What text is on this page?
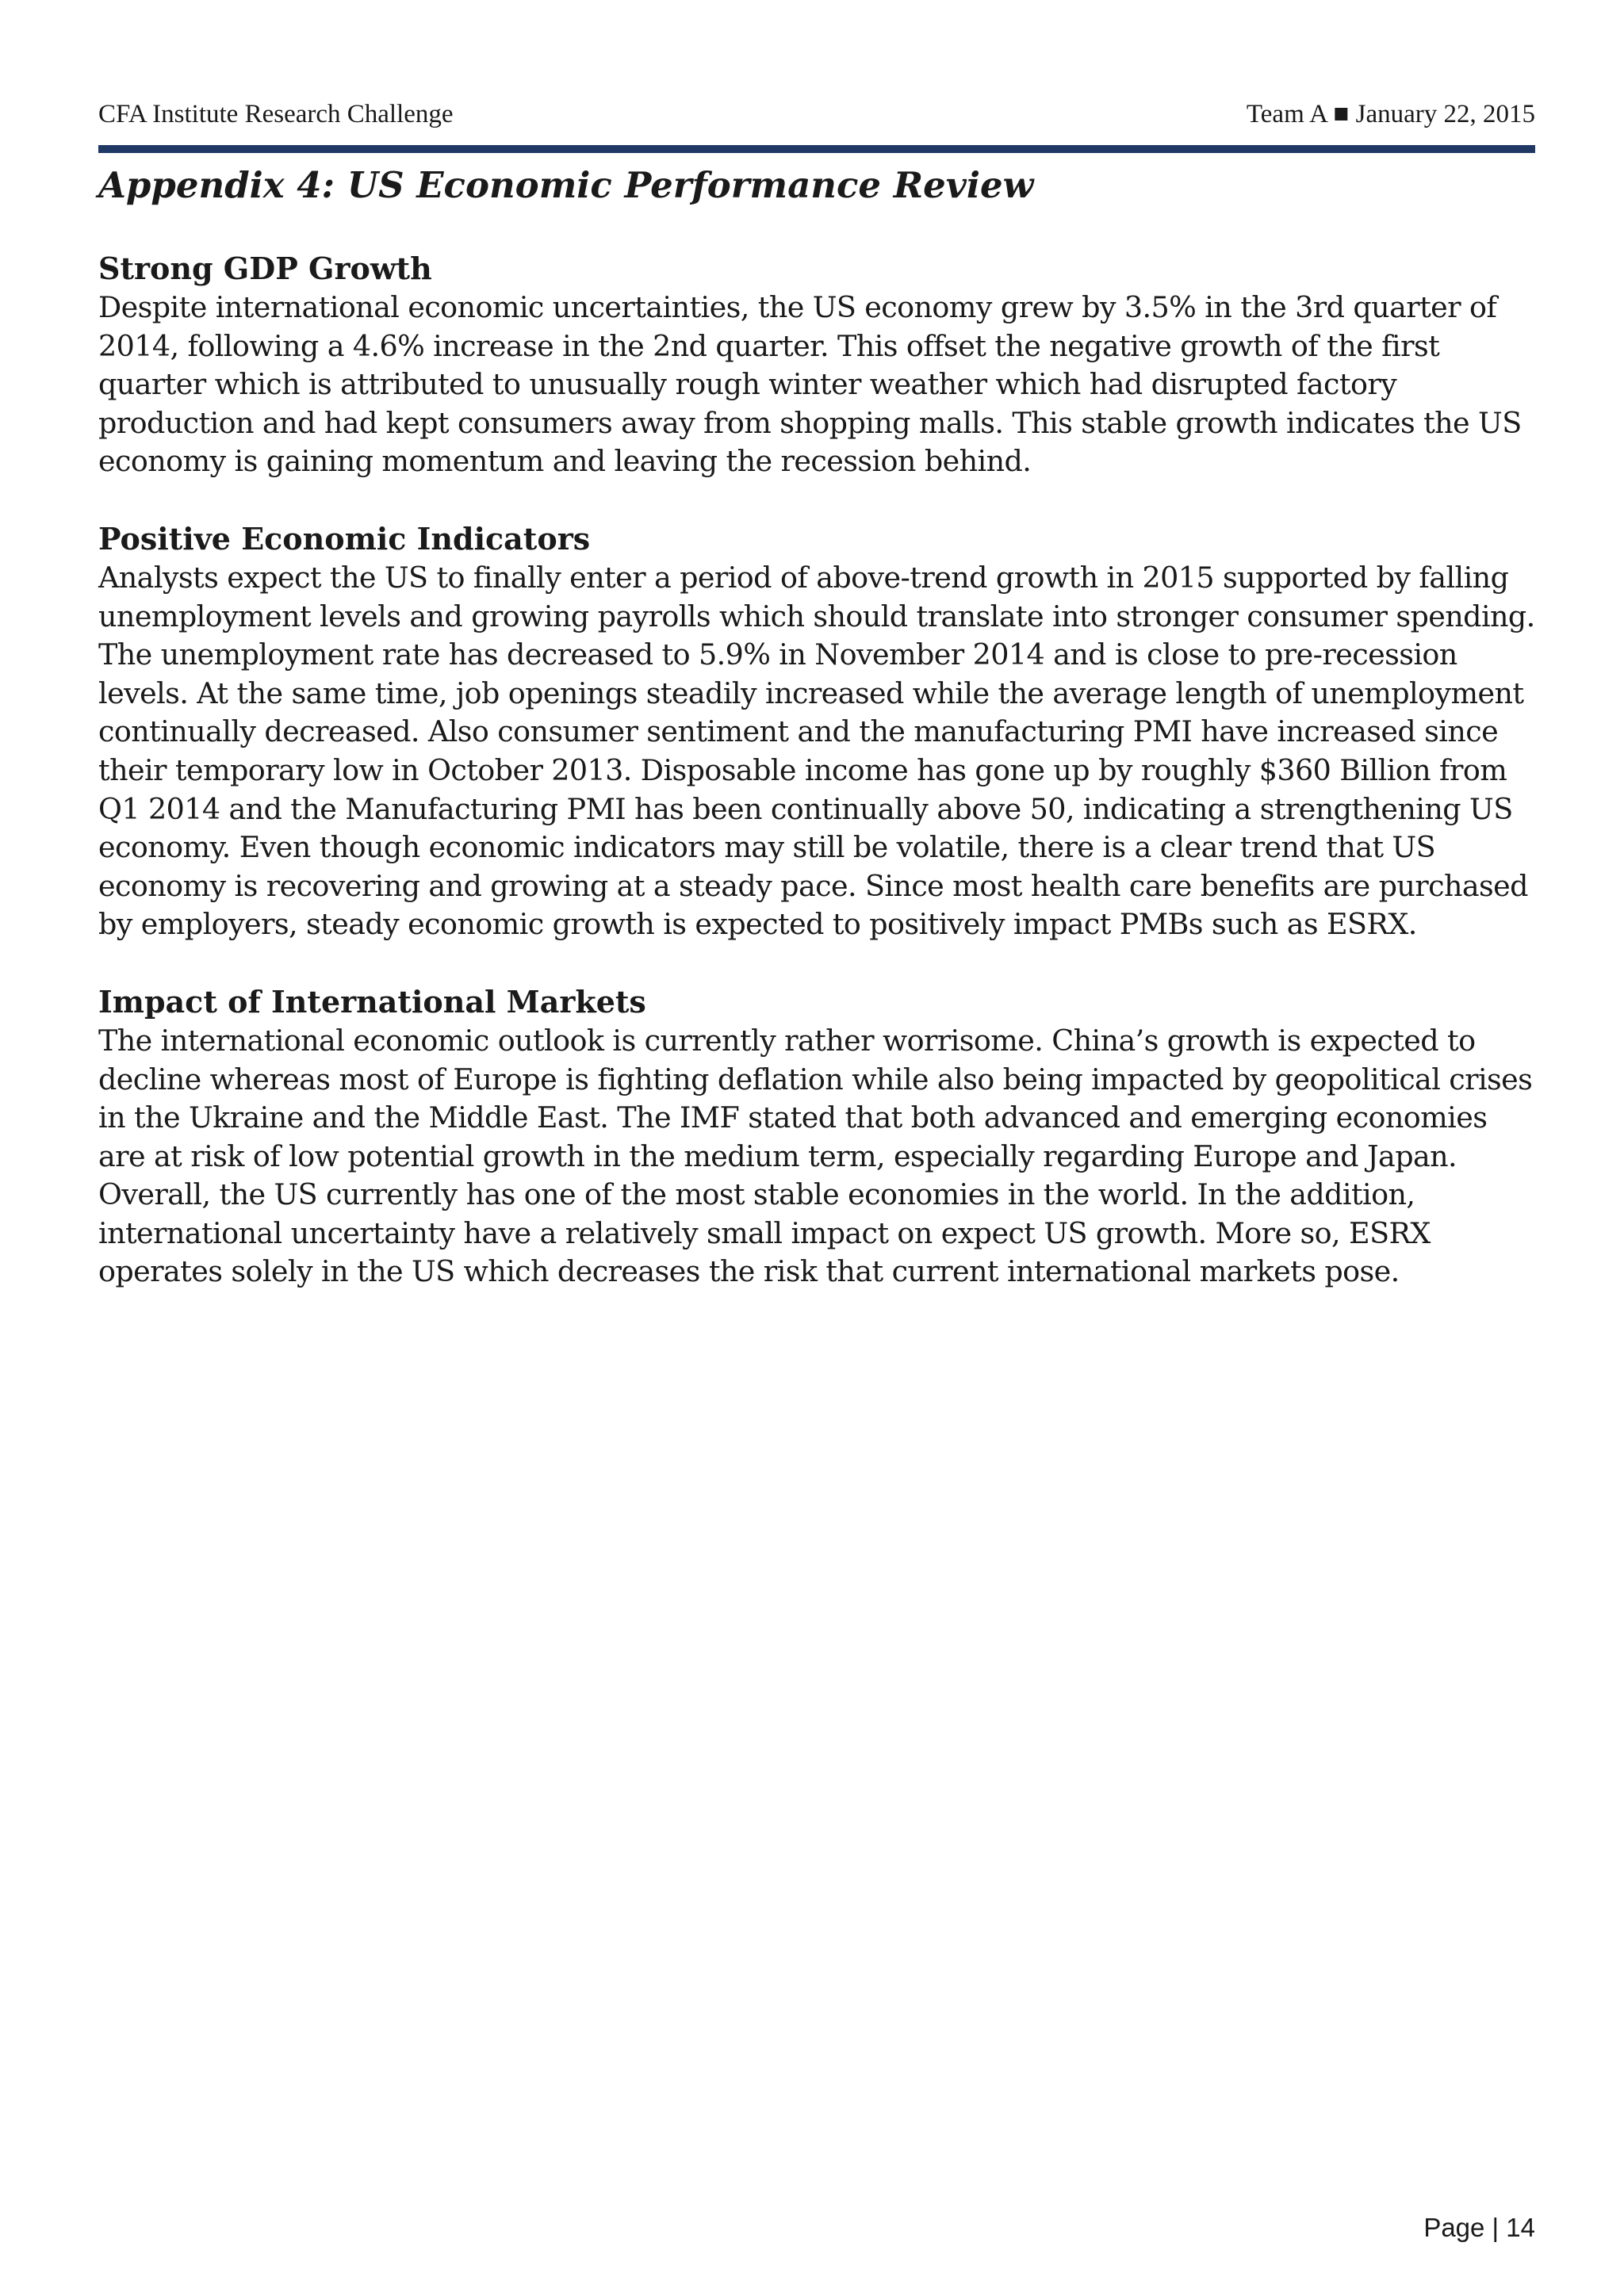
CFA Institute Research Challenge	Team A ■ January 22, 2015
Appendix 4: US Economic Performance Review
Strong GDP Growth

Despite international economic uncertainties, the US economy grew by 3.5% in the 3rd quarter of 2014, following a 4.6% increase in the 2nd quarter. This offset the negative growth of the first quarter which is attributed to unusually rough winter weather which had disrupted factory production and had kept consumers away from shopping malls. This stable growth indicates the US economy is gaining momentum and leaving the recession behind.

Positive Economic Indicators

Analysts expect the US to finally enter a period of above-trend growth in 2015 supported by falling unemployment levels and growing payrolls which should translate into stronger consumer spending. The unemployment rate has decreased to 5.9% in November 2014 and is close to pre-recession levels. At the same time, job openings steadily increased while the average length of unemployment continually decreased. Also consumer sentiment and the manufacturing PMI have increased since their temporary low in October 2013. Disposable income has gone up by roughly $360 Billion from Q1 2014 and the Manufacturing PMI has been continually above 50, indicating a strengthening US economy. Even though economic indicators may still be volatile, there is a clear trend that US economy is recovering and growing at a steady pace. Since most health care benefits are purchased by employers, steady economic growth is expected to positively impact PMBs such as ESRX.

Impact of International Markets

The international economic outlook is currently rather worrisome. China’s growth is expected to decline whereas most of Europe is fighting deflation while also being impacted by geopolitical crises in the Ukraine and the Middle East. The IMF stated that both advanced and emerging economies are at risk of low potential growth in the medium term, especially regarding Europe and Japan. Overall, the US currently has one of the most stable economies in the world. In the addition, international uncertainty have a relatively small impact on expect US growth. More so, ESRX operates solely in the US which decreases the risk that current international markets pose.

Page | 14
